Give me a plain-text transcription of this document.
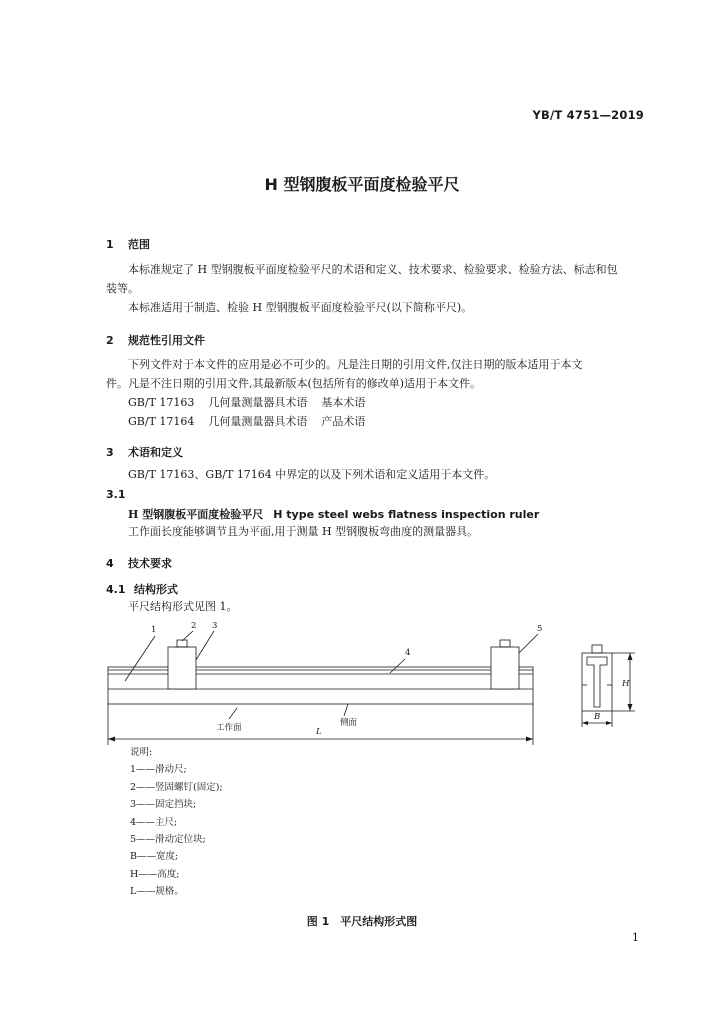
YB/T 4751—2019
H 型钢腹板平面度检验平尺
1 范围
本标准规定了 H 型钢腹板平面度检验平尺的术语和定义、技术要求、检验要求、检验方法、标志和包
装等。
本标准适用于制造、检验 H 型钢腹板平面度检验平尺(以下简称平尺)。
2 规范性引用文件
下列文件对于本文件的应用是必不可少的。凡是注日期的引用文件,仅注日期的版本适用于本文
件。凡是不注日期的引用文件,其最新版本(包括所有的修改单)适用于本文件。
GB/T 17163 几何量测量器具术语 基本术语
GB/T 17164 几何量测量器具术语 产品术语
3 术语和定义
GB/T 17163、GB/T 17164 中界定的以及下列术语和定义适用于本文件。
3.1
H 型钢腹板平面度检验平尺 H type steel webs flatness inspection ruler
工作面长度能够调节且为平面,用于测量 H 型钢腹板弯曲度的测量器具。
4 技术要求
4.1 结构形式
平尺结构形式见图 1。
1	2 3
4
5
工作面	侧面
L
H
B
说明:
1——滑动尺;
2——竖固螺钉(固定);
3——固定挡块;
4——主尺;
5——滑动定位块;
B——宽度;
H——高度;
L——规格。
图 1　平尺结构形式图
1
